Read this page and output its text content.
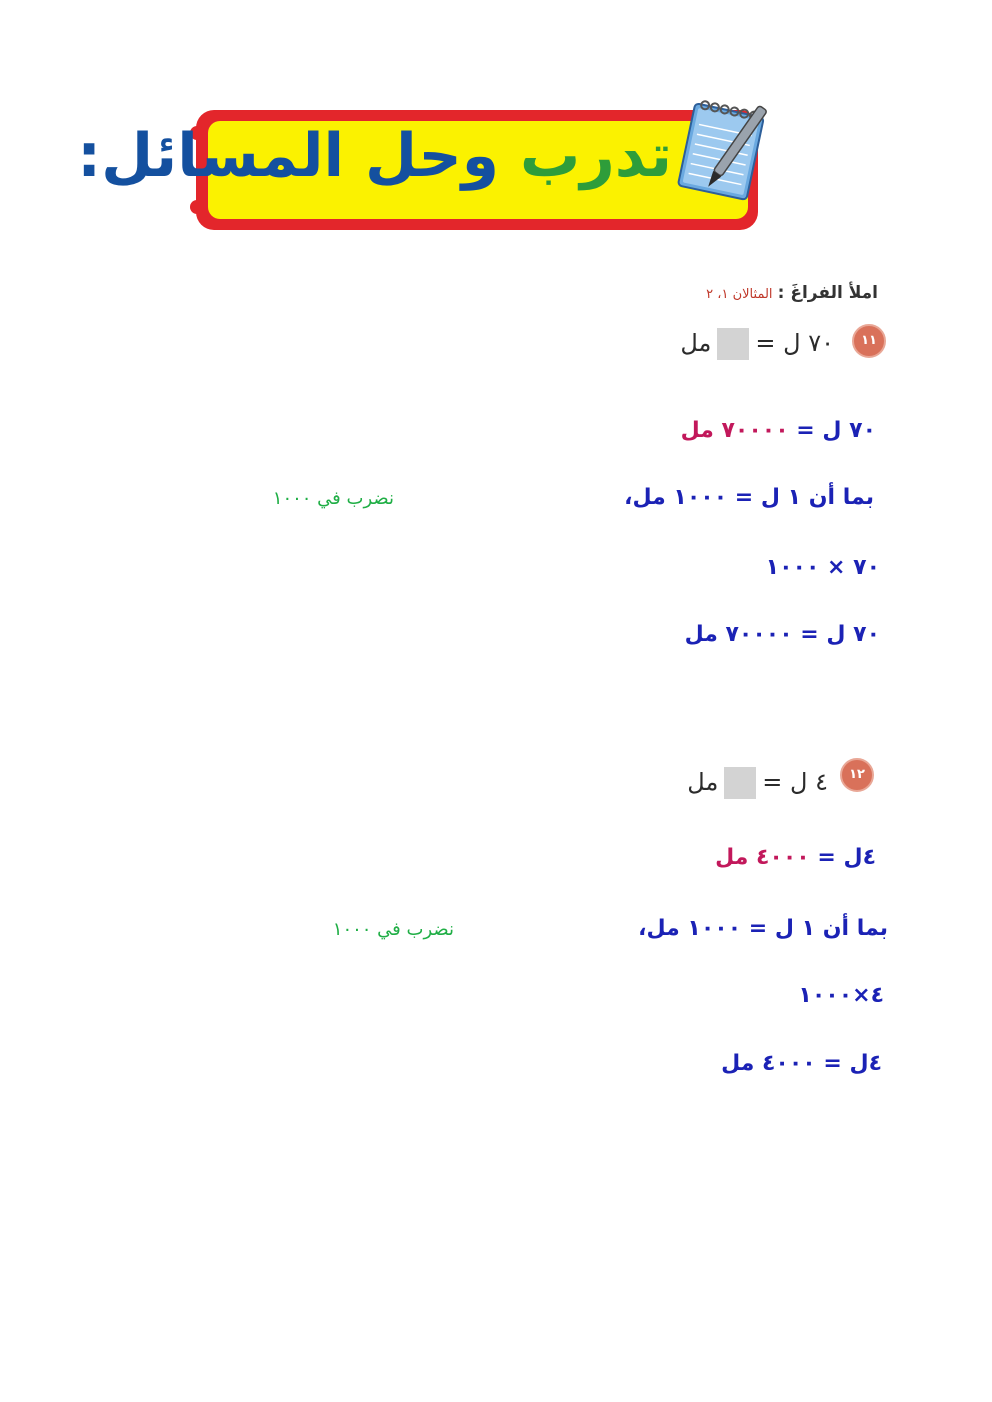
تدرب وحل المسائل:
املأ الفراغَ : المثالان ١، ٢
١١
٧٠ ل =مل
٧٠ ل = ٧٠٠٠٠ مل
بما أن ١ ل = ١٠٠٠ مل،
نضرب في ١٠٠٠
٧٠ × ١٠٠٠
٧٠ ل = ٧٠٠٠٠ مل
١٢
٤ ل =مل
٤ل = ٤٠٠٠ مل
بما أن ١ ل = ١٠٠٠ مل،
نضرب في ١٠٠٠
٤×١٠٠٠
٤ل = ٤٠٠٠ مل
